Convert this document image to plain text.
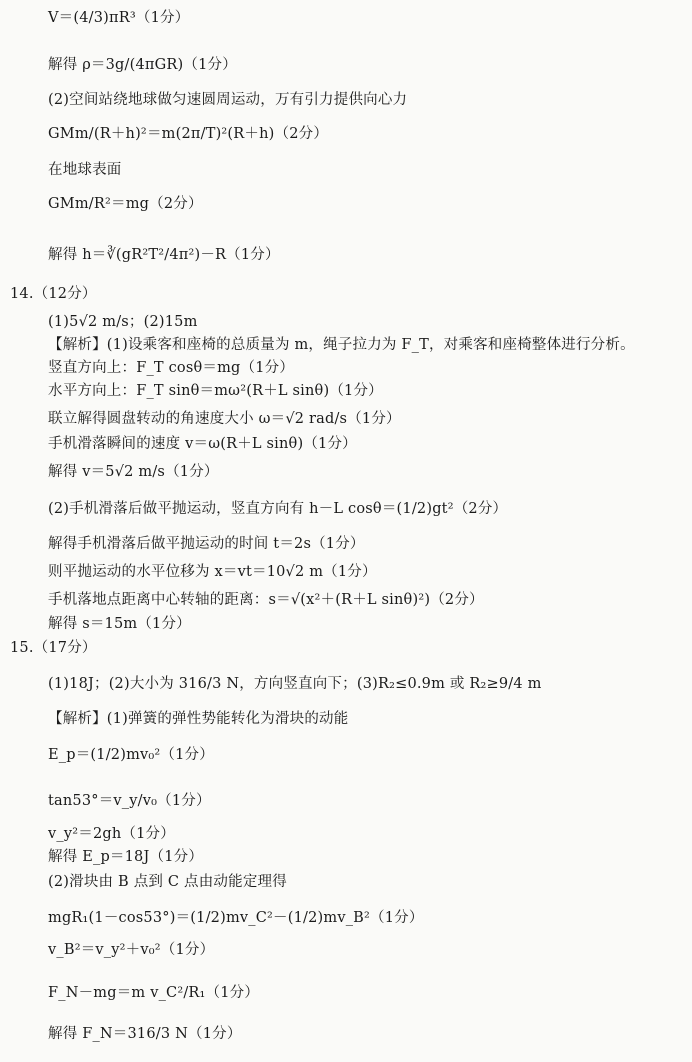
V＝(4/3)πR³（1分）
解得 ρ＝3g/(4πGR)（1分）
(2)空间站绕地球做匀速圆周运动，万有引力提供向心力
GMm/(R＋h)²＝m(2π/T)²(R＋h)（2分）
在地球表面
GMm/R²＝mg（2分）
解得 h＝∛(gR²T²/4π²)－R（1分）
14.（12分）
(1)5√2 m/s；(2)15m
【解析】(1)设乘客和座椅的总质量为 m，绳子拉力为 F_T，对乘客和座椅整体进行分析。
竖直方向上：F_T cosθ＝mg（1分）
水平方向上：F_T sinθ＝mω²(R＋L sinθ)（1分）
联立解得圆盘转动的角速度大小 ω＝√2 rad/s（1分）
手机滑落瞬间的速度 v＝ω(R＋L sinθ)（1分）
解得 v＝5√2 m/s（1分）
(2)手机滑落后做平抛运动，竖直方向有 h－L cosθ＝(1/2)gt²（2分）
解得手机滑落后做平抛运动的时间 t＝2s（1分）
则平抛运动的水平位移为 x＝vt＝10√2 m（1分）
手机落地点距离中心转轴的距离：s＝√(x²＋(R＋L sinθ)²)（2分）
解得 s＝15m（1分）
15.（17分）
(1)18J；(2)大小为 316/3 N，方向竖直向下；(3)R₂≤0.9m 或 R₂≥9/4 m
【解析】(1)弹簧的弹性势能转化为滑块的动能
E_p＝(1/2)mv₀²（1分）
tan53°＝v_y/v₀（1分）
v_y²＝2gh（1分）
解得 E_p＝18J（1分）
(2)滑块由 B 点到 C 点由动能定理得
mgR₁(1－cos53°)＝(1/2)mv_C²－(1/2)mv_B²（1分）
v_B²＝v_y²＋v₀²（1分）
F_N－mg＝m v_C²/R₁（1分）
解得 F_N＝316/3 N（1分）
